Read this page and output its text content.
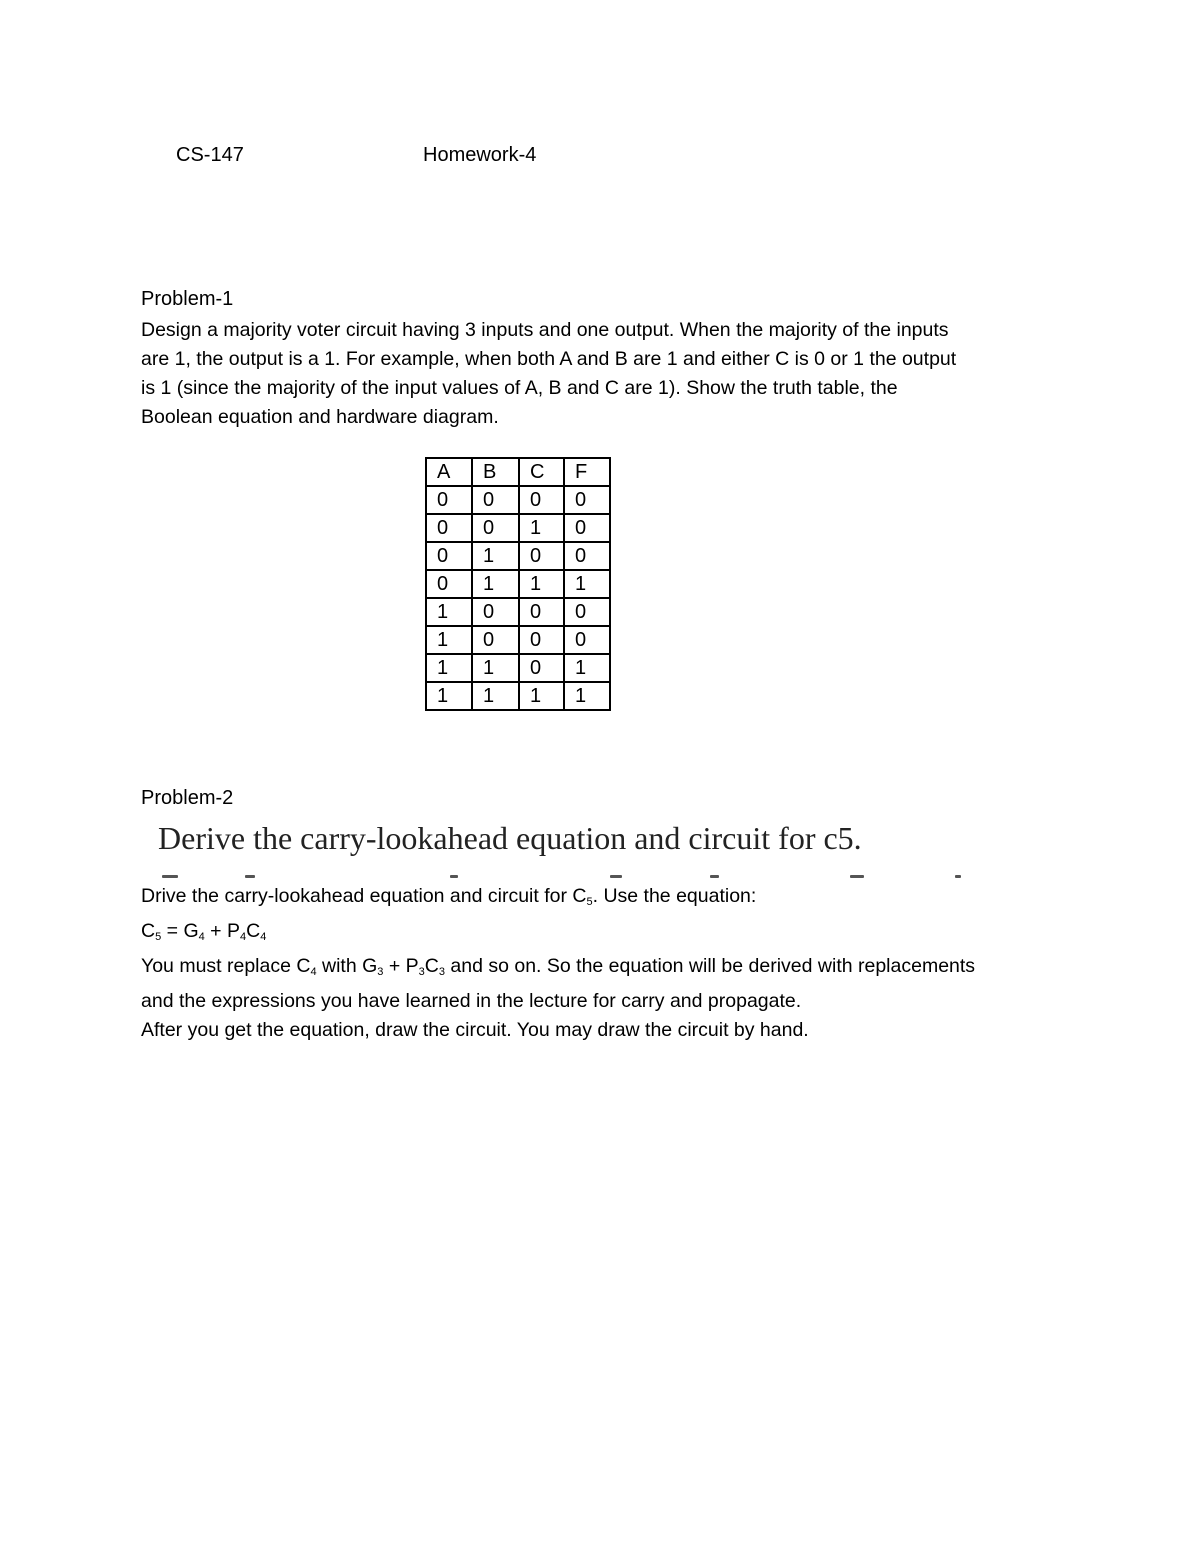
CS-147	Homework-4
Problem-1
Design a majority voter circuit having 3 inputs and one output. When the majority of the inputs
are 1, the output is a 1. For example, when both A and B are 1 and either C is 0 or 1 the output
is 1 (since the majority of the input values of A, B and C are 1). Show the truth table, the
Boolean equation and hardware diagram.
A	B	C	F
0	0	0	0
0	0	1	0
0	1	0	0
0	1	1	1
1	0	0	0
1	0	0	0
1	1	0	1
1	1	1	1
Problem-2
Derive the carry-lookahead equation and circuit for c5.
Drive the carry-lookahead equation and circuit for $C_5$. Use the equation:
$C_5 = G_4 + P_4C_4$
You must replace $C_4$ with $G_3 + P_3C_3$ and so on. So the equation will be derived with replacements
and the expressions you have learned in the lecture for carry and propagate.
After you get the equation, draw the circuit. You may draw the circuit by hand.
